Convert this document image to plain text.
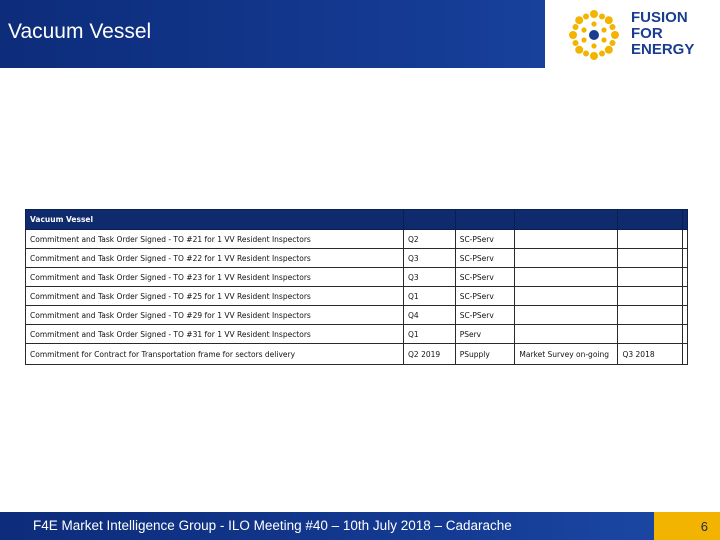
Vacuum Vessel
FUSION
FOR
ENERGY
Vacuum Vessel					
Commitment and Task Order Signed - TO #21 for 1 VV Resident Inspectors	Q2	SC-PServ			
Commitment and Task Order Signed - TO #22 for 1 VV Resident Inspectors	Q3	SC-PServ			
Commitment and Task Order Signed - TO #23 for 1 VV Resident Inspectors	Q3	SC-PServ			
Commitment and Task Order Signed - TO #25 for 1 VV Resident Inspectors	Q1	SC-PServ			
Commitment and Task Order Signed - TO #29 for 1 VV Resident Inspectors	Q4	SC-PServ			
Commitment and Task Order Signed - TO #31 for 1 VV Resident Inspectors	Q1	PServ			
Commitment for Contract for Transportation frame for sectors delivery	Q2 2019	PSupply	Market Survey on-going	Q3 2018	
F4E Market Intelligence Group - ILO Meeting #40 – 10th July 2018 – Cadarache	6
